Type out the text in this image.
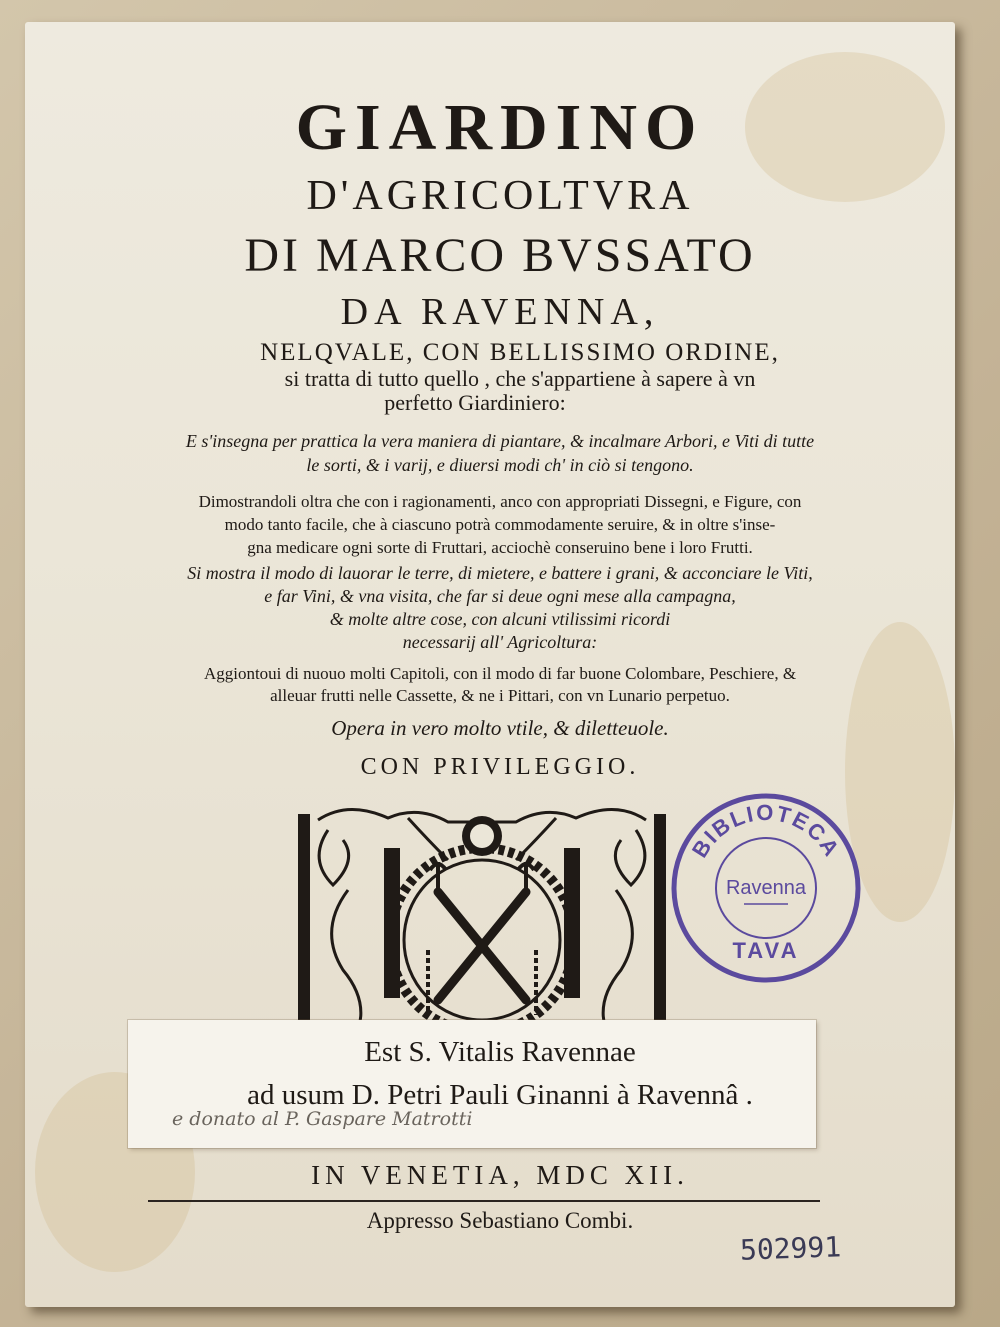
GIARDINO
D'AGRICOLTVRA
DI MARCO BVSSATO
DA RAVENNA,
NELQVALE, CON BELLISSIMO ORDINE,
si tratta di tutto quello , che s'appartiene à sapere à vn
perfetto Giardiniero:
E s'insegna per prattica la vera maniera di piantare, & incalmare Arbori, e Viti di tutte
le sorti, & i varij, e diuersi modi ch' in ciò si tengono.
Dimostrandoli oltra che con i ragionamenti, anco con appropriati Dissegni, e Figure, con
modo tanto facile, che à ciascuno potrà commodamente seruire, & in oltre s'inse-
gna medicare ogni sorte di Fruttari, acciochè conseruino bene i loro Frutti.
Si mostra il modo di lauorar le terre, di mietere, e battere i grani, & acconciare le Viti,
e far Vini, & vna visita, che far si deue ogni mese alla campagna,
& molte altre cose, con alcuni vtilissimi ricordi
necessarij all' Agricoltura:
Aggiontoui di nuouo molti Capitoli, con il modo di far buone Colombare, Peschiere, &
alleuar frutti nelle Cassette, & ne i Pittari, con vn Lunario perpetuo.
Opera in vero molto vtile, & diletteuole.
CON PRIVILEGGIO.
BIBLIOTECA
Ravenna
TAVA
Est S. Vitalis Ravennae
ad usum D. Petri Pauli Ginanni à Ravennâ .
e donato al P. Gaspare Matrotti
IN VENETIA, MDC XII.
Appresso Sebastiano Combi.
502991
